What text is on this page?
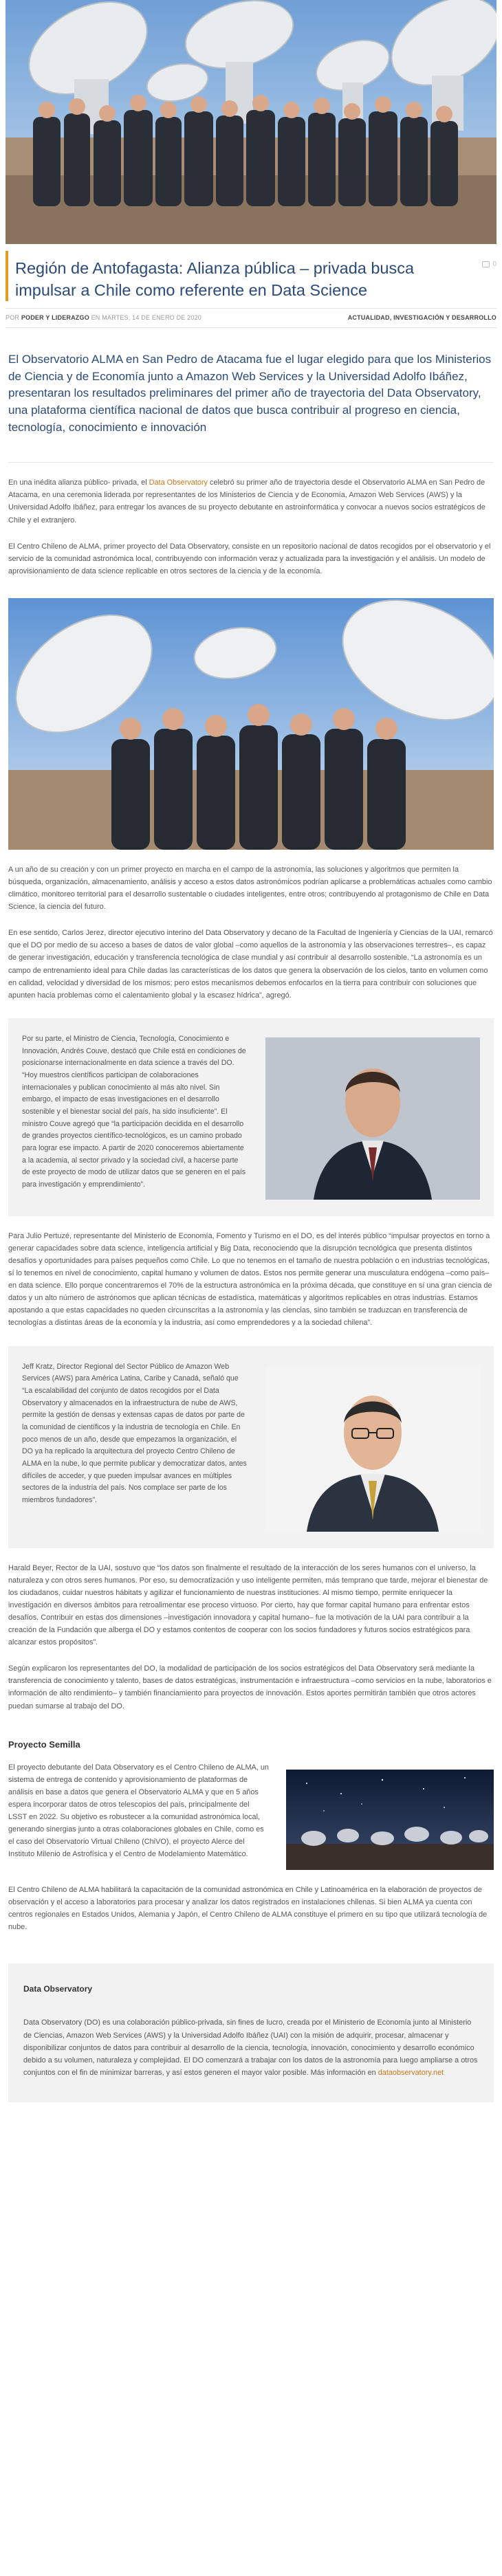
Región de Antofagasta: Alianza pública – privada busca impulsar a Chile como referente en Data Science
0
POR PODER Y LIDERAZGO EN MARTES, 14 DE ENERO DE 2020	ACTUALIDAD, INVESTIGACIÓN Y DESARROLLO

El Observatorio ALMA en San Pedro de Atacama fue el lugar elegido para que los Ministerios de Ciencia y de Economía junto a Amazon Web Services y la Universidad Adolfo Ibáñez, presentaran los resultados preliminares del primer año de trayectoria del Data Observatory, una plataforma científica nacional de datos que busca contribuir al progreso en ciencia, tecnología, conocimiento e innovación

En una inédita alianza público- privada, el Data Observatory celebró su primer año de trayectoria desde el Observatorio ALMA en San Pedro de Atacama, en una ceremonia liderada por representantes de los Ministerios de Ciencia y de Economía, Amazon Web Services (AWS) y la Universidad Adolfo Ibáñez, para entregar los avances de su proyecto debutante en astroinformática y convocar a nuevos socios estratégicos de Chile y el extranjero.

El Centro Chileno de ALMA, primer proyecto del Data Observatory, consiste en un repositorio nacional de datos recogidos por el observatorio y el servicio de la comunidad astronómica local, contribuyendo con información veraz y actualizada para la investigación y el análisis. Un modelo de aprovisionamiento de data science replicable en otros sectores de la ciencia y de la economía.

A un año de su creación y con un primer proyecto en marcha en el campo de la astronomía, las soluciones y algoritmos que permiten la búsqueda, organización, almacenamiento, análisis y acceso a estos datos astronómicos podrían aplicarse a problemáticas actuales como cambio climático, monitoreo territorial para el desarrollo sustentable o ciudades inteligentes, entre otros; contribuyendo al protagonismo de Chile en Data Science, la ciencia del futuro.

En ese sentido, Carlos Jerez, director ejecutivo interino del Data Observatory y decano de la Facultad de Ingeniería y Ciencias de la UAI, remarcó que el DO por medio de su acceso a bases de datos de valor global –como aquellos de la astronomía y las observaciones terrestres–, es capaz de generar investigación, educación y transferencia tecnológica de clase mundial y así contribuir al desarrollo sostenible. “La astronomía es un campo de entrenamiento ideal para Chile dadas las características de los datos que genera la observación de los cielos, tanto en volumen como en calidad, velocidad y diversidad de los mismos; pero estos mecanismos debemos enfocarlos en la tierra para contribuir con soluciones que apunten hacia problemas como el calentamiento global y la escasez hídrica”, agregó.

Por su parte, el Ministro de Ciencia, Tecnología, Conocimiento e Innovación, Andrés Couve, destacó que Chile está en condiciones de posicionarse internacionalmente en data science a través del DO. “Hoy muestros científicos participan de colaboraciones internacionales y publican conocimiento al más alto nivel. Sin embargo, el impacto de esas investigaciones en el desarrollo sostenible y el bienestar social del país, ha sido insuficiente”. El ministro Couve agregó que “la participación decidida en el desarrollo de grandes proyectos científico-tecnológicos, es un camino probado para lograr ese impacto. A partir de 2020 conoceremos abiertamente a la academia, al sector privado y la sociedad civil, a hacerse parte de este proyecto de modo de utilizar datos que se generen en el país para investigación y emprendimiento”.

Para Julio Pertuzé, representante del Ministerio de Economía, Fomento y Turismo en el DO, es del interés público “impulsar proyectos en torno a generar capacidades sobre data science, inteligencia artificial y Big Data, reconociendo que la disrupción tecnológica que presenta distintos desafíos y oportunidades para países pequeños como Chile. Lo que no tenemos en el tamaño de nuestra población o en industrias tecnológicas, sí lo tenemos en nivel de conocimiento, capital humano y volumen de datos. Estos nos permite generar una musculatura endógena –como país– en data science. Ello porque concentraremos el 70% de la estructura astronómica en la próxima década, que constituye en sí una gran ciencia de datos y un alto número de astrónomos que aplican técnicas de estadística, matemáticas y algoritmos replicables en otras industrias. Estamos apostando a que estas capacidades no queden circunscritas a la astronomía y las ciencias, sino también se traduzcan en transferencia de tecnologías a distintas áreas de la economía y la industria, así como emprendedores y a la sociedad chilena”.

Jeff Kratz, Director Regional del Sector Público de Amazon Web Services (AWS) para América Latina, Caribe y Canadá, señaló que “La escalabilidad del conjunto de datos recogidos por el Data Observatory y almacenados en la infraestructura de nube de AWS, permite la gestión de densas y extensas capas de datos por parte de la comunidad de científicos y la industria de tecnología en Chile. En poco menos de un año, desde que empezamos la organización, el DO ya ha replicado la arquitectura del proyecto Centro Chileno de ALMA en la nube, lo que permite publicar y democratizar datos, antes difíciles de acceder, y que pueden impulsar avances en múltiples sectores de la industria del país. Nos complace ser parte de los miembros fundadores”.

Harald Beyer, Rector de la UAI, sostuvo que “los datos son finalmente el resultado de la interacción de los seres humanos con el universo, la naturaleza y con otros seres humanos. Por eso, su democratización y uso inteligente permiten, más temprano que tarde, mejorar el bienestar de los ciudadanos, cuidar nuestros hábitats y agilizar el funcionamiento de nuestras instituciones. Al mismo tiempo, permite enriquecer la investigación en diversos ámbitos para retroalimentar ese proceso virtuoso. Por cierto, hay que formar capital humano para enfrentar estos desafíos. Contribuir en estas dos dimensiones –investigación innovadora y capital humano– fue la motivación de la UAI para contribuir a la creación de la Fundación que alberga el DO y estamos contentos de cooperar con los socios fundadores y futuros socios estratégicos para alcanzar estos propósitos”.

Según explicaron los representantes del DO, la modalidad de participación de los socios estratégicos del Data Observatory será mediante la transferencia de conocimiento y talento, bases de datos estratégicas, instrumentación e infraestructura –como servicios en la nube, laboratorios e información de alto rendimiento– y también financiamiento para proyectos de innovación. Estos aportes permitirán también que otros actores puedan sumarse al trabajo del DO.

Proyecto Semilla

El proyecto debutante del Data Observatory es el Centro Chileno de ALMA, un sistema de entrega de contenido y aprovisionamiento de plataformas de análisis en base a datos que genera el Observatorio ALMA y que en 5 años espera incorporar datos de otros telescopios del país, principalmente del LSST en 2022. Su objetivo es robustecer a la comunidad astronómica local, generando sinergias junto a otras colaboraciones globales en Chile, como es el caso del Observatorio Virtual Chileno (ChiVO), el proyecto Alerce del Instituto Milenio de Astrofísica y el Centro de Modelamiento Matemático.

El Centro Chileno de ALMA habilitará la capacitación de la comunidad astronómica en Chile y Latinoamérica en la elaboración de proyectos de observación y el acceso a laboratorios para procesar y analizar los datos registrados en instalaciones chilenas. Si bien ALMA ya cuenta con centros regionales en Estados Unidos, Alemania y Japón, el Centro Chileno de ALMA constituye el primero en su tipo que utilizará tecnología de nube.

Data Observatory

Data Observatory (DO) es una colaboración público-privada, sin fines de lucro, creada por el Ministerio de Economía junto al Ministerio de Ciencias, Amazon Web Services (AWS) y la Universidad Adolfo Ibáñez (UAI) con la misión de adquirir, procesar, almacenar y disponibilizar conjuntos de datos para contribuir al desarrollo de la ciencia, tecnología, innovación, conocimiento y desarrollo económico debido a su volumen, naturaleza y complejidad. El DO comenzará a trabajar con los datos de la astronomía para luego ampliarse a otros conjuntos con el fin de minimizar barreras, y así estos generen el mayor valor posible. Más información en dataobservatory.net
